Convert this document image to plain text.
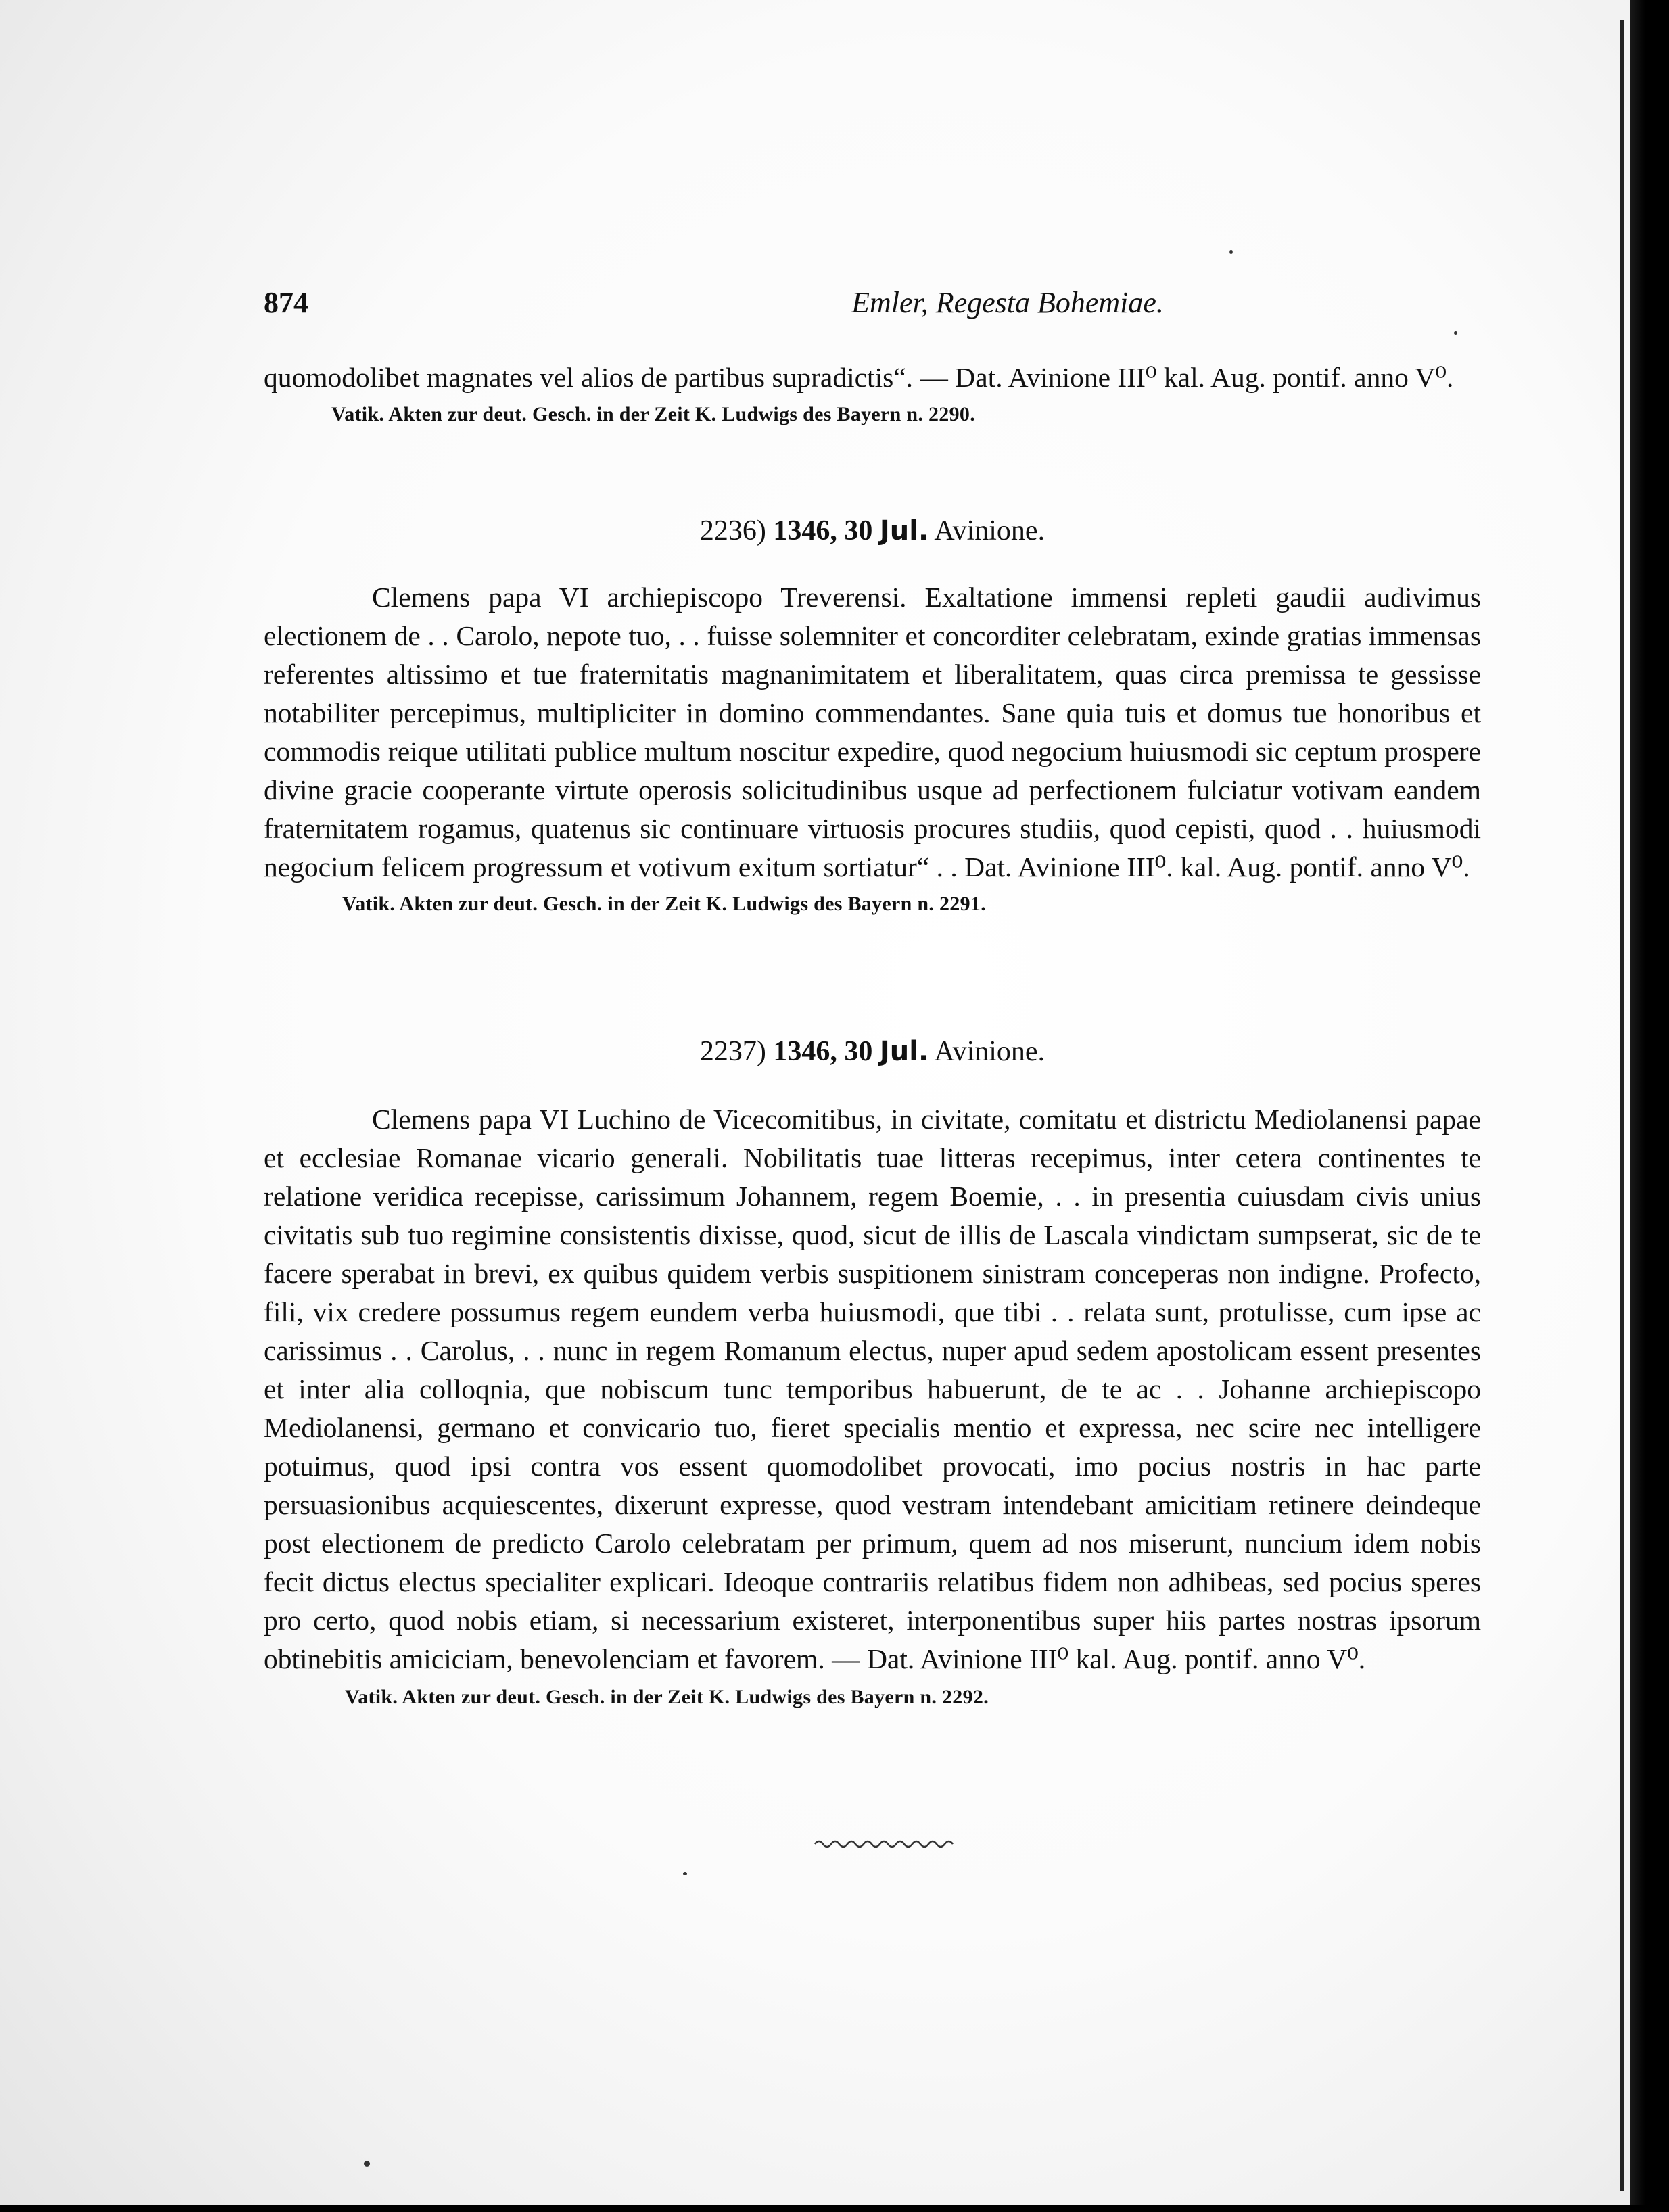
874	Emler, Regesta Bohemiae.

quomodolibet magnates vel alios de partibus supradictis“. — Dat. Avinione III⁰ kal. Aug. pontif. anno V⁰.

Vatik. Akten zur deut. Gesch. in der Zeit K. Ludwigs des Bayern n. 2290.

2236) 1346, 30 Jul. Avinione.

Clemens papa VI archiepiscopo Treverensi. Exaltatione immensi repleti gaudii audivimus electionem de . . Carolo, nepote tuo, . . fuisse solemniter et concorditer celebratam, exinde gratias immensas referentes altissimo et tue fraternitatis magnanimitatem et liberalitatem, quas circa premissa te gessisse notabiliter percepimus, multipliciter in domino commendantes. Sane quia tuis et domus tue honoribus et commodis reique utilitati publice multum noscitur expedire, quod negocium huiusmodi sic ceptum prospere divine gracie cooperante virtute operosis solicitudinibus usque ad perfectionem fulciatur votivam eandem fraternitatem rogamus, quatenus sic continuare virtuosis procures studiis, quod cepisti, quod . . huiusmodi negocium felicem progressum et votivum exitum sortiatur“ . . Dat. Avinione III⁰. kal. Aug. pontif. anno V⁰.

Vatik. Akten zur deut. Gesch. in der Zeit K. Ludwigs des Bayern n. 2291.

2237) 1346, 30 Jul. Avinione.

Clemens papa VI Luchino de Vicecomitibus, in civitate, comitatu et districtu Mediolanensi papae et ecclesiae Romanae vicario generali. Nobilitatis tuae litteras recepimus, inter cetera continentes te relatione veridica recepisse, carissimum Johannem, regem Boemie, . . in presentia cuiusdam civis unius civitatis sub tuo regimine consistentis dixisse, quod, sicut de illis de Lascala vindictam sumpserat, sic de te facere sperabat in brevi, ex quibus quidem verbis suspitionem sinistram conceperas non indigne. Profecto, fili, vix credere possumus regem eundem verba huiusmodi, que tibi . . relata sunt, protulisse, cum ipse ac carissimus . . Carolus, . . nunc in regem Romanum electus, nuper apud sedem apostolicam essent presentes et inter alia colloqnia, que nobiscum tunc temporibus habuerunt, de te ac . . Johanne archiepiscopo Mediolanensi, germano et convicario tuo, fieret specialis mentio et expressa, nec scire nec intelligere potuimus, quod ipsi contra vos essent quomodolibet provocati, imo pocius nostris in hac parte persuasionibus acquiescentes, dixerunt expresse, quod vestram intendebant amicitiam retinere deindeque post electionem de predicto Carolo celebratam per primum, quem ad nos miserunt, nuncium idem nobis fecit dictus electus specialiter explicari. Ideoque contrariis relatibus fidem non adhibeas, sed pocius speres pro certo, quod nobis etiam, si necessarium existeret, interponentibus super hiis partes nostras ipsorum obtinebitis amiciciam, benevolenciam et favorem. — Dat. Avinione III⁰ kal. Aug. pontif. anno V⁰.

Vatik. Akten zur deut. Gesch. in der Zeit K. Ludwigs des Bayern n. 2292.
